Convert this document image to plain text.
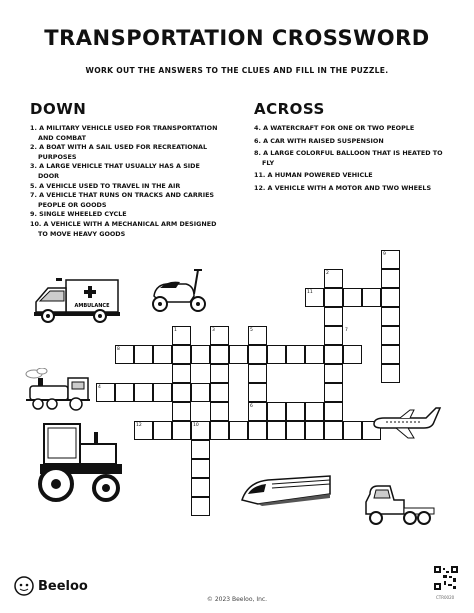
TRANSPORTATION CROSSWORD
WORK OUT THE ANSWERS TO THE CLUES AND FILL IN THE PUZZLE.
DOWN
1. A MILITARY VEHICLE USED FOR TRANSPORTATION AND COMBAT
2. A BOAT WITH A SAIL USED FOR RECREATIONAL PURPOSES
3. A LARGE VEHICLE THAT USUALLY HAS A SIDE DOOR
5. A VEHICLE USED TO TRAVEL IN THE AIR
7. A VEHICLE THAT RUNS ON TRACKS AND CARRIES PEOPLE OR GOODS
9. SINGLE WHEELED CYCLE
10. A VEHICLE WITH A MECHANICAL ARM DESIGNED TO MOVE HEAVY GOODS
ACROSS
4. A WATERCRAFT FOR ONE OR TWO PEOPLE
6. A CAR WITH RAISED SUSPENSION
8. A LARGE COLORFUL BALLOON THAT IS HEATED TO FLY
11. A HUMAN POWERED VEHICLE
12. A VEHICLE WITH A MOTOR AND TWO WHEELS
1
2
3
4
5
6
7
8
9
10
11
12
AMBULANCE
Beeloo
© 2023 Beeloo, Inc.	CTR0020
